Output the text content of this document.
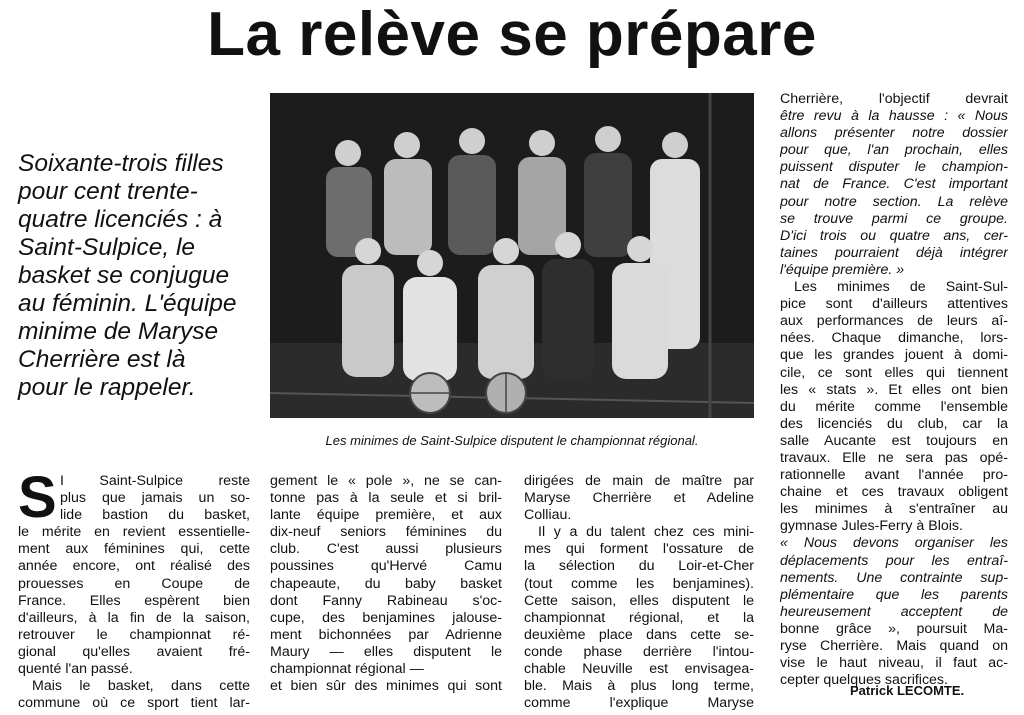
La relève se prépare

Soixante-trois filles
pour cent trente-
quatre licenciés : à
Saint-Sulpice, le
basket se conjugue
au féminin. L'équipe
minime de Maryse
Cherrière est là
pour le rappeler.

Les minimes de Saint-Sulpice disputent le championnat régional.

S I Saint-Sulpice reste
plus que jamais un so-
lide bastion du basket,
le mérite en revient essentielle-
ment aux féminines qui, cette
année encore, ont réalisé des
prouesses en Coupe de
France. Elles espèrent bien
d'ailleurs, à la fin de la saison,
retrouver le championnat ré-
gional qu'elles avaient fré-
quenté l'an passé.
Mais le basket, dans cette
commune où ce sport tient lar-
gement le « pole », ne se can-
tonne pas à la seule et si bril-
lante équipe première, et aux
dix-neuf seniors féminines du
club. C'est aussi plusieurs
poussines qu'Hervé Camu
chapeaute, du baby basket
dont Fanny Rabineau s'oc-
cupe, des benjamines jalouse-
ment bichonnées par Adrienne
Maury — elles disputent le
championnat régional —
et bien sûr des minimes qui sont
dirigées de main de maître par
Maryse Cherrière et Adeline
Colliau.
Il y a du talent chez ces mini-
mes qui forment l'ossature de
la sélection du Loir-et-Cher
(tout comme les benjamines).
Cette saison, elles disputent le
championnat régional, et la
deuxième place dans cette se-
conde phase derrière l'intou-
chable Neuville est envisagea-
ble. Mais à plus long terme,
comme l'explique Maryse
Cherrière, l'objectif devrait
être revu à la hausse : « Nous
allons présenter notre dossier
pour que, l'an prochain, elles
puissent disputer le champion-
nat de France. C'est important
pour notre section. La relève
se trouve parmi ce groupe.
D'ici trois ou quatre ans, cer-
taines pourraient déjà intégrer
l'équipe première. »
Les minimes de Saint-Sul-
pice sont d'ailleurs attentives
aux performances de leurs aî-
nées. Chaque dimanche, lors-
que les grandes jouent à domi-
cile, ce sont elles qui tiennent
les « stats ». Et elles ont bien
du mérite comme l'ensemble
des licenciés du club, car la
salle Aucante est toujours en
travaux. Elle ne sera pas opé-
rationnelle avant l'année pro-
chaine et ces travaux obligent
les minimes à s'entraîner au
gymnase Jules-Ferry à Blois.
« Nous devons organiser les
déplacements pour les entraî-
nements. Une contrainte sup-
plémentaire que les parents
heureusement acceptent de
bonne grâce », poursuit Ma-
ryse Cherrière. Mais quand on
vise le haut niveau, il faut ac-
cepter quelques sacrifices.

Patrick LECOMTE.
